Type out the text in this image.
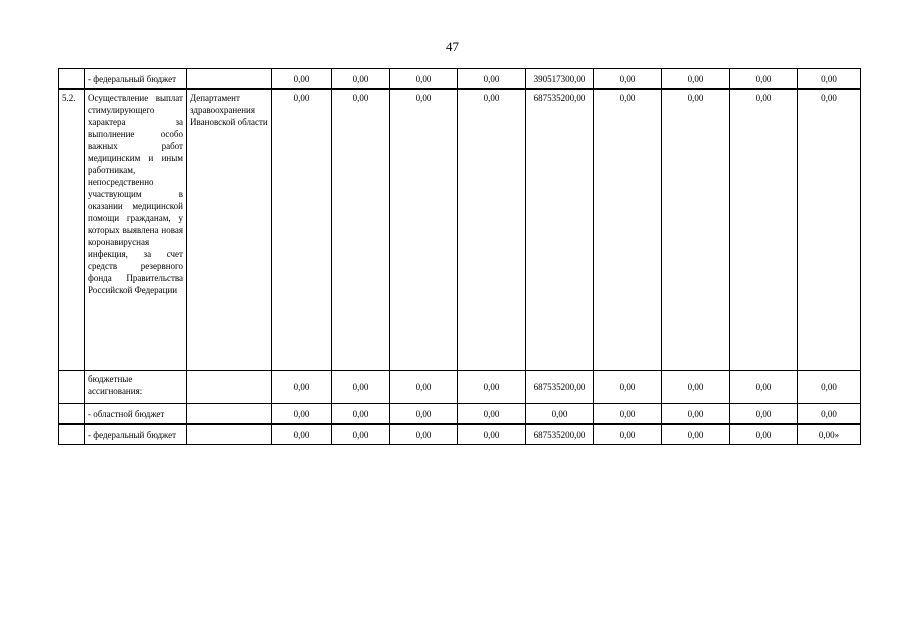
47
	- федеральный бюджет		0,00	0,00	0,00	0,00	390517300,00	0,00	0,00	0,00	0,00
5.2.	Осуществление выплат стимулирующего характера за выполнение особо важных работ медицинским и иным работникам, непосредственно участвующим в оказании медицинской помощи гражданам, у которых выявлена новая коронавирусная инфекция, за счет средств резервного фонда Правительства Российской Федерации	Департамент здравоохранения Ивановской области	0,00	0,00	0,00	0,00	687535200,00	0,00	0,00	0,00	0,00
	бюджетные ассигнования:		0,00	0,00	0,00	0,00	687535200,00	0,00	0,00	0,00	0,00
	- областной бюджет		0,00	0,00	0,00	0,00	0,00	0,00	0,00	0,00	0,00
	- федеральный бюджет		0,00	0,00	0,00	0,00	687535200,00	0,00	0,00	0,00	0,00»
